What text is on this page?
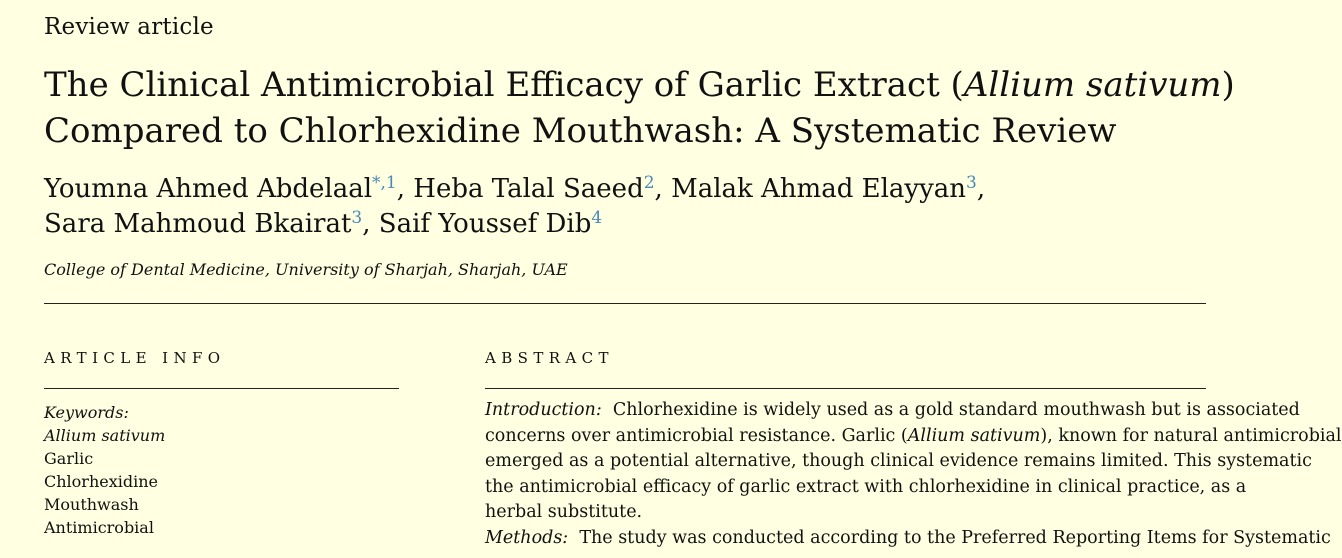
Review article
The Clinical Antimicrobial Efficacy of Garlic Extract (Allium sativum)
Compared to Chlorhexidine Mouthwash: A Systematic Review
Youmna Ahmed Abdelaal$^{*,1}$, Heba Talal Saeed$^2$, Malak Ahmad Elayyan$^3$,
Sara Mahmoud Bkairat$^3$, Saif Youssef Dib$^4$
College of Dental Medicine, University of Sharjah, Sharjah, UAE
ARTICLE INFO	ABSTRACT
Keywords:
Allium sativum
Garlic
Chlorhexidine
Mouthwash
Antimicrobial
Introduction: Chlorhexidine is widely used as a gold standard mouthwash but is associated
concerns over antimicrobial resistance. Garlic (Allium sativum), known for natural antimicrobial
emerged as a potential alternative, though clinical evidence remains limited. This systematic
the antimicrobial efficacy of garlic extract with chlorhexidine in clinical practice, as a
herbal substitute.
Methods: The study was conducted according to the Preferred Reporting Items for Systematic
